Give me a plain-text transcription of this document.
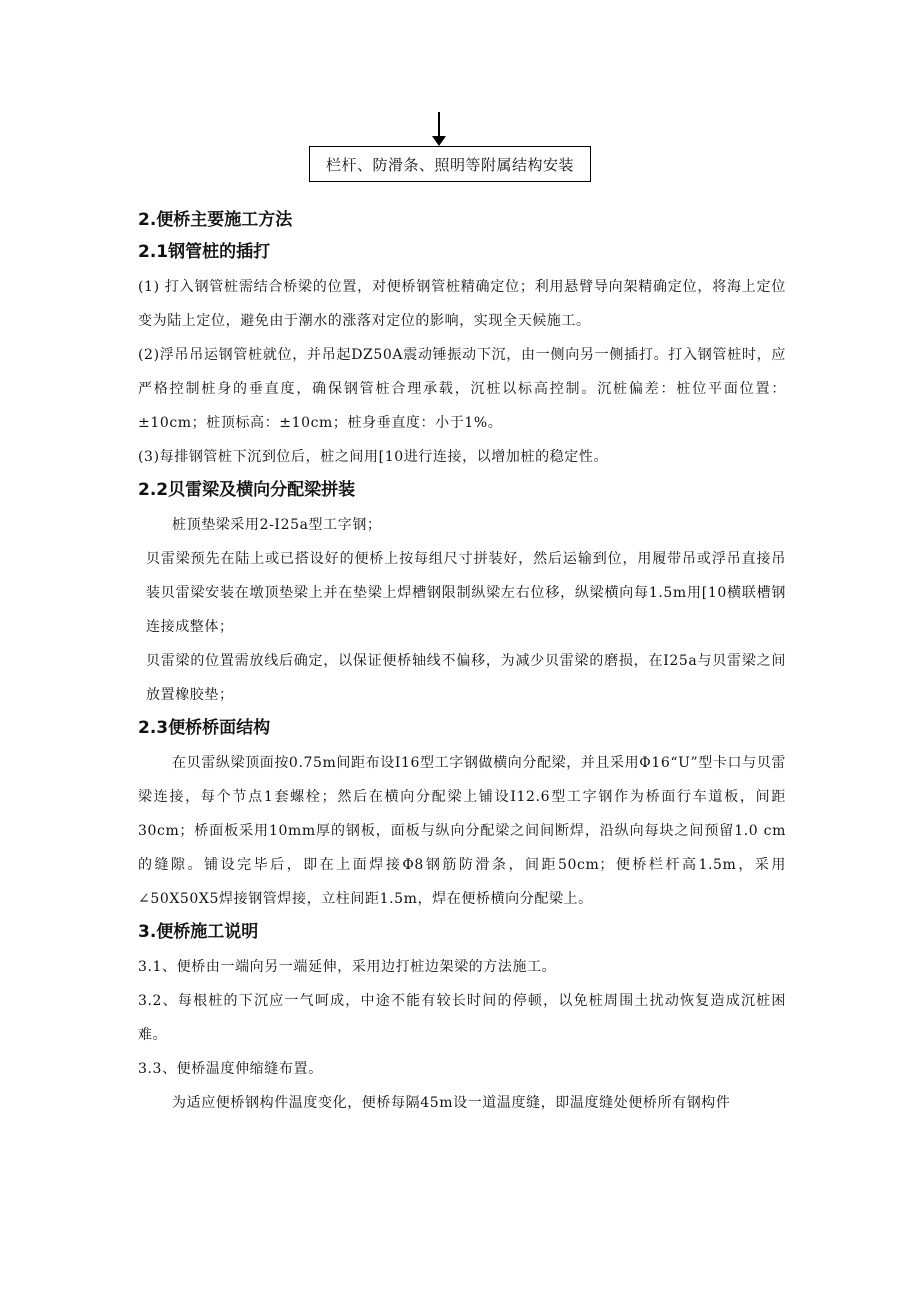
栏杆、防滑条、照明等附属结构安装

2.便桥主要施工方法

2.1钢管桩的插打

(1) 打入钢管桩需结合桥梁的位置，对便桥钢管桩精确定位；利用悬臂导向架精确定位，将海上定位变为陆上定位，避免由于潮水的涨落对定位的影响，实现全天候施工。

(2)浮吊吊运钢管桩就位，并吊起DZ50A震动锤振动下沉，由一侧向另一侧插打。打入钢管桩时，应严格控制桩身的垂直度，确保钢管桩合理承载，沉桩以标高控制。沉桩偏差：桩位平面位置：±10cm；桩顶标高：±10cm；桩身垂直度：小于1%。

(3)每排钢管桩下沉到位后，桩之间用[10进行连接，以增加桩的稳定性。

2.2贝雷梁及横向分配梁拼装

桩顶垫梁采用2-I25a型工字钢；

贝雷梁预先在陆上或已搭设好的便桥上按每组尺寸拼装好，然后运输到位，用履带吊或浮吊直接吊装贝雷梁安装在墩顶垫梁上并在垫梁上焊槽钢限制纵梁左右位移，纵梁横向每1.5m用[10横联槽钢连接成整体；

贝雷梁的位置需放线后确定，以保证便桥轴线不偏移，为减少贝雷梁的磨损，在I25a与贝雷梁之间放置橡胶垫；

2.3便桥桥面结构

在贝雷纵梁顶面按0.75m间距布设I16型工字钢做横向分配梁，并且采用Φ16“U”型卡口与贝雷梁连接，每个节点1套螺栓；然后在横向分配梁上铺设I12.6型工字钢作为桥面行车道板，间距30cm；桥面板采用10mm厚的钢板，面板与纵向分配梁之间间断焊，沿纵向每块之间预留1.0 cm的缝隙。铺设完毕后，即在上面焊接Φ8钢筋防滑条，间距50cm；便桥栏杆高1.5m，采用∠50X50X5焊接钢管焊接，立柱间距1.5m，焊在便桥横向分配梁上。

3.便桥施工说明

3.1、便桥由一端向另一端延伸，采用边打桩边架梁的方法施工。

3.2、每根桩的下沉应一气呵成，中途不能有较长时间的停顿，以免桩周围土扰动恢复造成沉桩困难。

3.3、便桥温度伸缩缝布置。

为适应便桥钢构件温度变化，便桥每隔45m设一道温度缝，即温度缝处便桥所有钢构件
